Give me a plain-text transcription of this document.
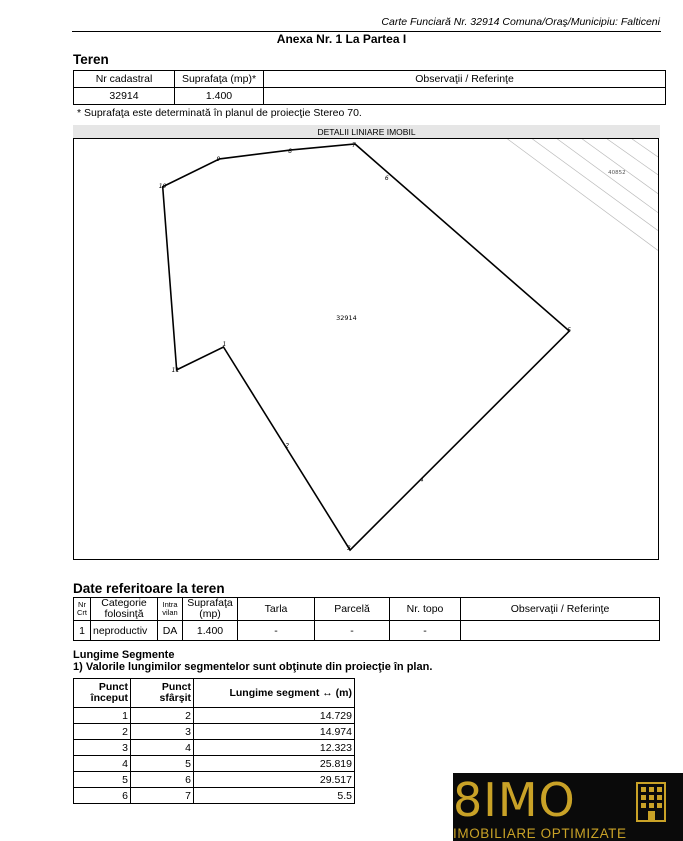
Carte Funciară Nr. 32914 Comuna/Oraş/Municipiu: Falticeni
Anexa Nr. 1 La Partea I
Teren
Nr cadastral	Suprafaţa (mp)*	Observaţii / Referinţe
32914	1.400	
* Suprafaţa este determinată în planul de proiecţie Stereo 70.
DETALII LINIARE IMOBIL
40852
32914
1
2
3
4
5
6
7
8
9
10
11
Date referitoare la teren
Nr Crt	Categorie folosinţă	Intra vilan	Suprafaţa (mp)	Tarla	Parcelă	Nr. topo	Observaţii / Referinţe
1	neproductiv	DA	1.400	-	-	-	
Lungime Segmente
1) Valorile lungimilor segmentelor sunt obţinute din proiecţie în plan.
Punct început	Punct sfârşit	Lungime segment ↔ (m)
1	2	14.729
2	3	14.974
3	4	12.323
4	5	25.819
5	6	29.517
6	7	5.5 8IMO
IMOBILIARE OPTIMIZATE
